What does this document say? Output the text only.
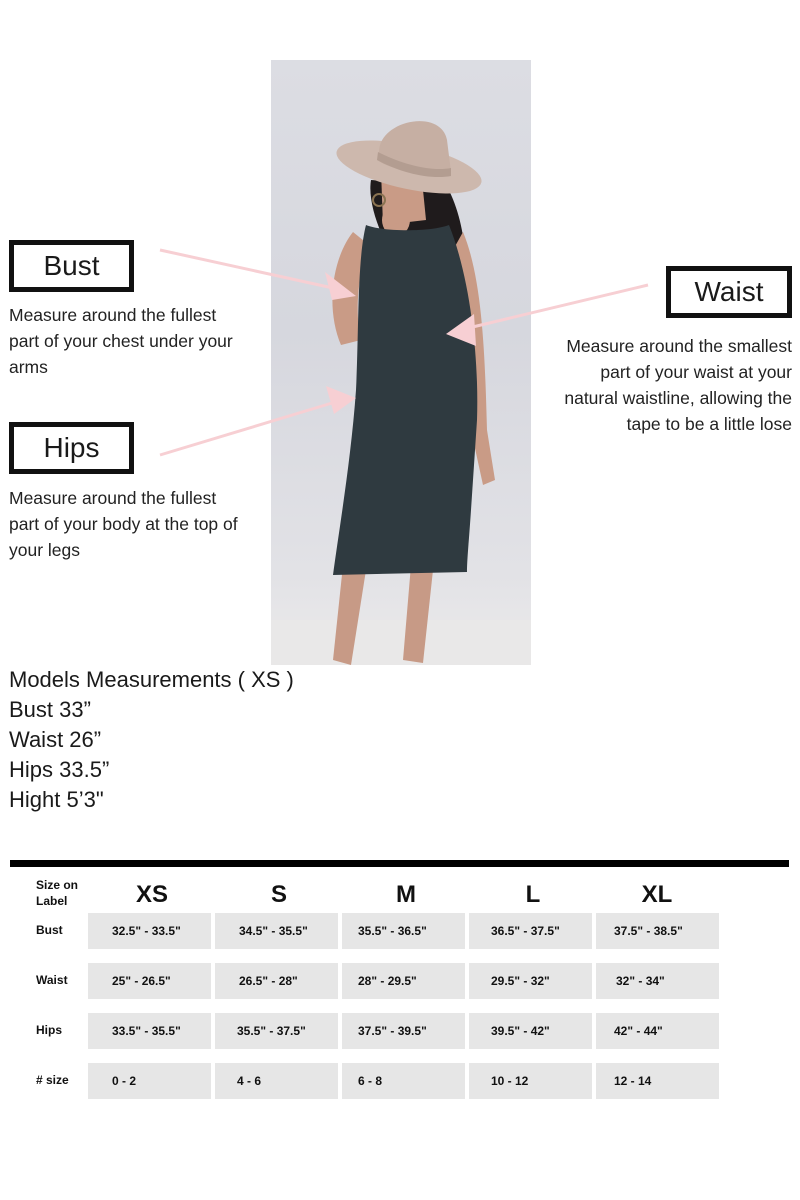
Bust
Measure around the fullest
part of your chest under your
arms
Hips
Measure around the fullest
part of your body at the top of
your legs
Waist
Measure around the smallest
part of your waist at your
natural waistline, allowing the
tape to be a little lose
Models Measurements ( XS )
Bust 33”
Waist 26”
Hips 33.5”
Hight 5’3"
Size on
Label	XS	S	M	L	XL
Bust	32.5" - 33.5"	34.5" - 35.5"	35.5" - 36.5"	36.5" - 37.5"	37.5" - 38.5"
Waist	25" - 26.5"	26.5" - 28"	28" - 29.5"	29.5" - 32"	32" - 34"
Hips	33.5" - 35.5"	35.5" - 37.5"	37.5" - 39.5"	39.5" - 42"	42" - 44"
# size	0 - 2	4 - 6	6 - 8	10 - 12	12 - 14
